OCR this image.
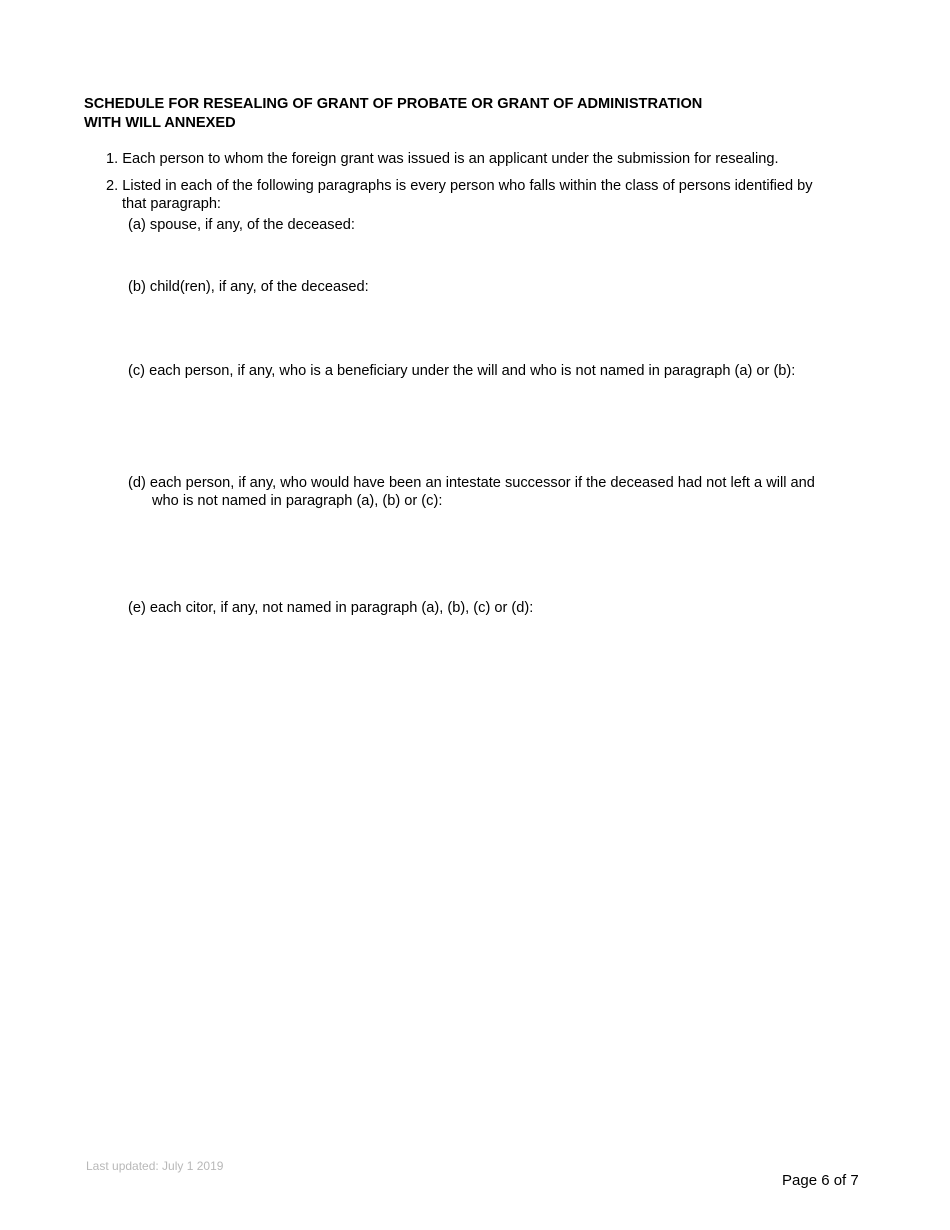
SCHEDULE FOR RESEALING OF GRANT OF PROBATE OR GRANT OF ADMINISTRATION
WITH WILL ANNEXED
1. Each person to whom the foreign grant was issued is an applicant under the submission for resealing.
2. Listed in each of the following paragraphs is every person who falls within the class of persons identified by
that paragraph:
(a) spouse, if any, of the deceased:
(b) child(ren), if any, of the deceased:
(c) each person, if any, who is a beneficiary under the will and who is not named in paragraph (a) or (b):
(d) each person, if any, who would have been an intestate successor if the deceased had not left a will and
who is not named in paragraph (a), (b) or (c):
(e) each citor, if any, not named in paragraph (a), (b), (c) or (d):
Last updated: July 1 2019
Page 6 of 7
